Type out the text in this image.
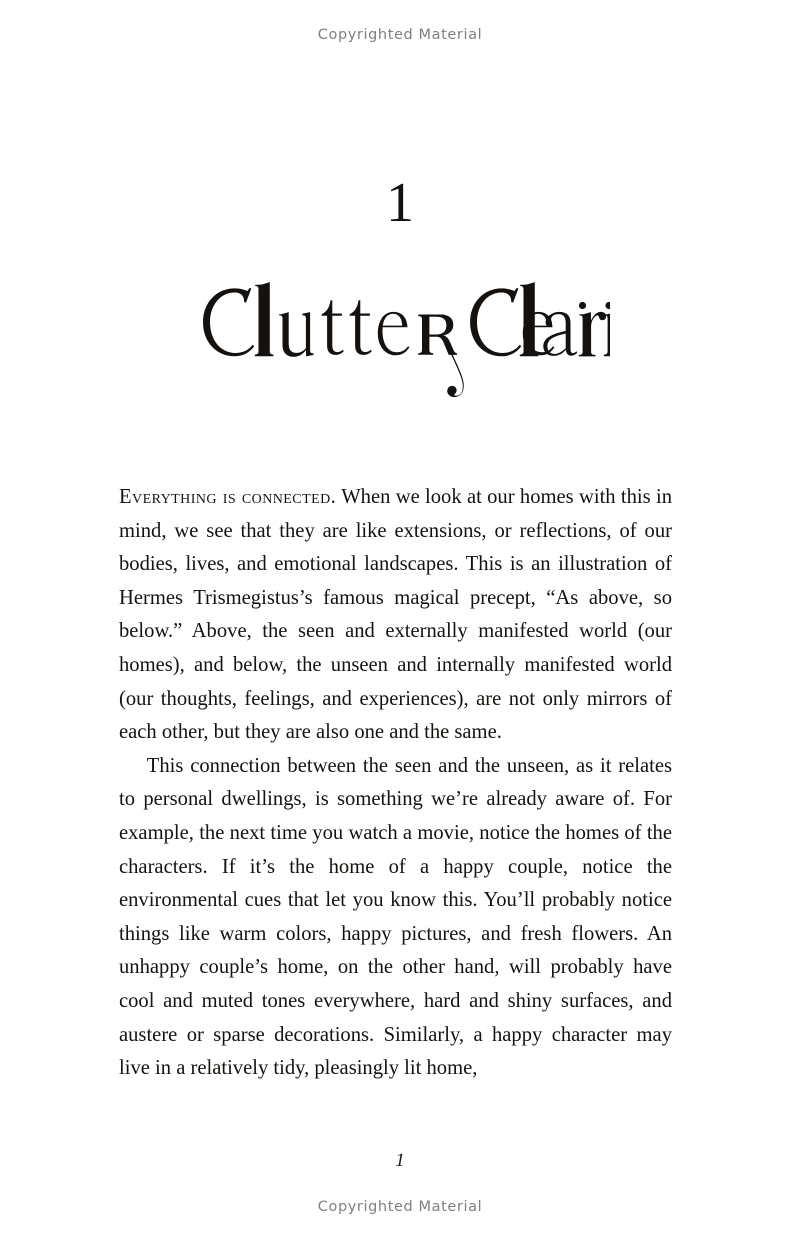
Copyrighted Material
1

Everything is connected. When we look at our homes with this in mind, we see that they are like extensions, or reflections, of our bodies, lives, and emotional landscapes. This is an illustration of Hermes Trismegistus’s famous magical precept, “As above, so below.” Above, the seen and externally manifested world (our homes), and below, the unseen and internally manifested world (our thoughts, feelings, and experiences), are not only mirrors of each other, but they are also one and the same.

This connection between the seen and the unseen, as it relates to personal dwellings, is something we’re already aware of. For example, the next time you watch a movie, notice the homes of the characters. If it’s the home of a happy couple, notice the environmental cues that let you know this. You’ll probably notice things like warm colors, happy pictures, and fresh flowers. An unhappy couple’s home, on the other hand, will probably have cool and muted tones everywhere, hard and shiny surfaces, and austere or sparse decorations. Similarly, a happy character may live in a relatively tidy, pleasingly lit home,

1
Copyrighted Material
